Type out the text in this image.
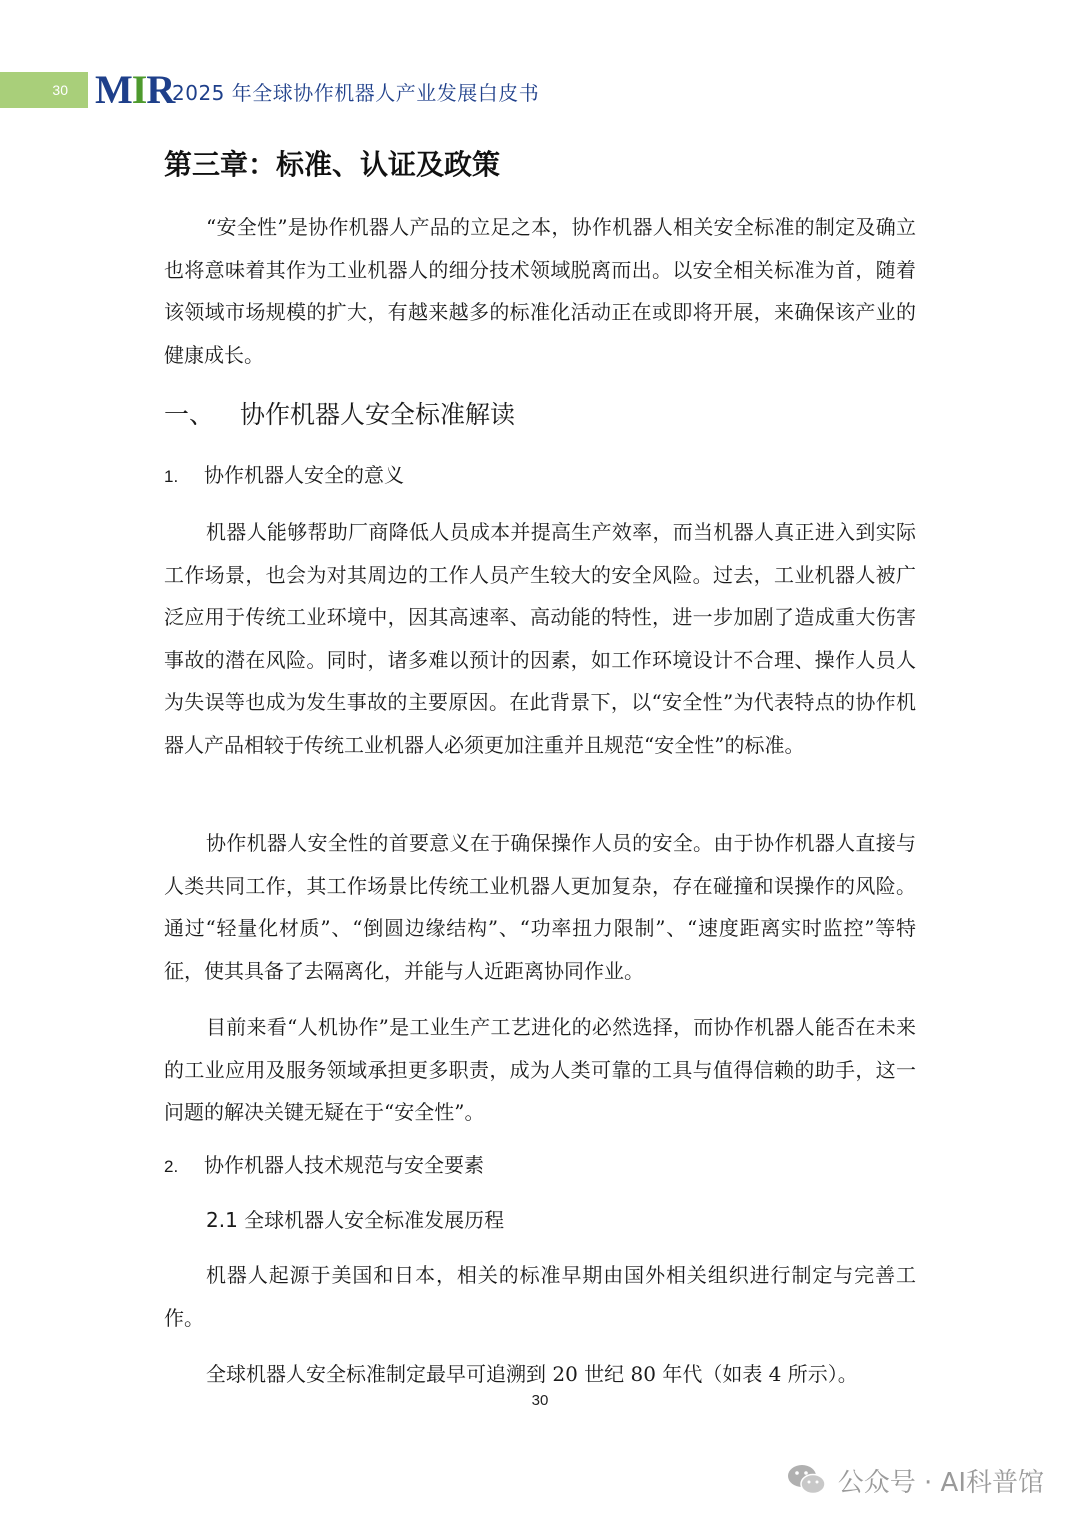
30 MIR
2025 年全球协作机器人产业发展白皮书
第三章：标准、认证及政策

“安全性”是协作机器人产品的立足之本，协作机器人相关安全标准的制定及确立也将意味着其作为工业机器人的细分技术领域脱离而出。以安全相关标准为首，随着该领域市场规模的扩大，有越来越多的标准化活动正在或即将开展，来确保该产业的健康成长。

一、 协作机器人安全标准解读
1. 协作机器人安全的意义

机器人能够帮助厂商降低人员成本并提高生产效率，而当机器人真正进入到实际工作场景，也会为对其周边的工作人员产生较大的安全风险。过去，工业机器人被广泛应用于传统工业环境中，因其高速率、高动能的特性，进一步加剧了造成重大伤害事故的潜在风险。同时，诸多难以预计的因素，如工作环境设计不合理、操作人员人为失误等也成为发生事故的主要原因。在此背景下，以“安全性”为代表特点的协作机器人产品相较于传统工业机器人必须更加注重并且规范“安全性”的标准。

协作机器人安全性的首要意义在于确保操作人员的安全。由于协作机器人直接与人类共同工作，其工作场景比传统工业机器人更加复杂，存在碰撞和误操作的风险。通过“轻量化材质”、“倒圆边缘结构”、“功率扭力限制”、“速度距离实时监控”等特征，使其具备了去隔离化，并能与人近距离协同作业。

目前来看“人机协作”是工业生产工艺进化的必然选择，而协作机器人能否在未来的工业应用及服务领域承担更多职责，成为人类可靠的工具与值得信赖的助手，这一问题的解决关键无疑在于“安全性”。

2. 协作机器人技术规范与安全要素
2.1 全球机器人安全标准发展历程

机器人起源于美国和日本，相关的标准早期由国外相关组织进行制定与完善工作。

全球机器人安全标准制定最早可追溯到 20 世纪 80 年代（如表 4 所示）。

30
公众号 · AI科普馆
